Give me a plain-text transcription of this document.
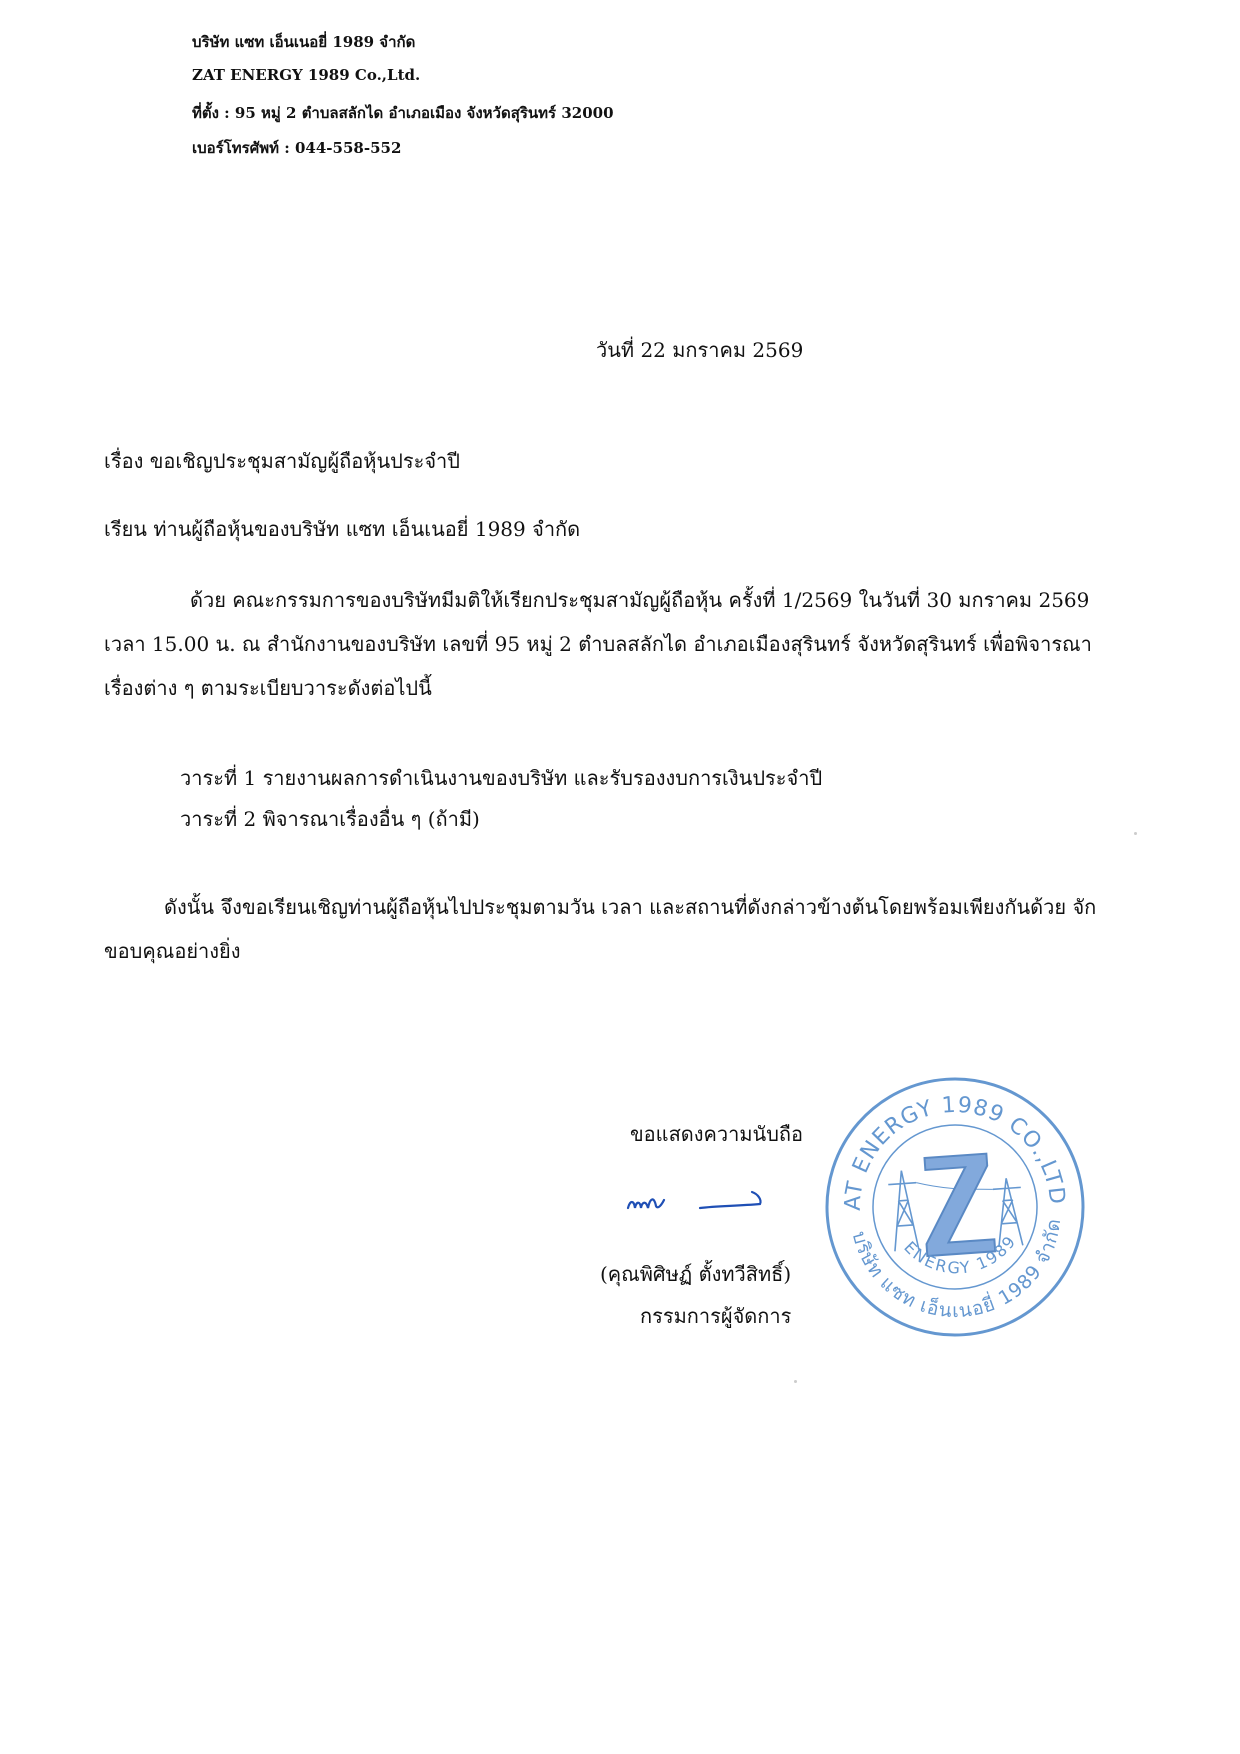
บริษัท แซท เอ็นเนอยี่ 1989 จำกัด
ZAT ENERGY 1989 Co.,Ltd.
ที่ตั้ง : 95 หมู่ 2 ตำบลสลักได อำเภอเมือง จังหวัดสุรินทร์ 32000
เบอร์โทรศัพท์ : 044-558-552
วันที่ 22 มกราคม 2569
เรื่อง ขอเชิญประชุมสามัญผู้ถือหุ้นประจำปี
เรียน ท่านผู้ถือหุ้นของบริษัท แซท เอ็นเนอยี่ 1989 จำกัด
ด้วย คณะกรรมการของบริษัทมีมติให้เรียกประชุมสามัญผู้ถือหุ้น ครั้งที่ 1/2569 ในวันที่ 30 มกราคม 2569 เวลา 15.00 น. ณ สำนักงานของบริษัท เลขที่ 95 หมู่ 2 ตำบลสลักได อำเภอเมืองสุรินทร์ จังหวัดสุรินทร์ เพื่อพิจารณาเรื่องต่าง ๆ ตามระเบียบวาระดังต่อไปนี้
วาระที่ 1 รายงานผลการดำเนินงานของบริษัท และรับรองงบการเงินประจำปี
วาระที่ 2 พิจารณาเรื่องอื่น ๆ (ถ้ามี)
ดังนั้น จึงขอเรียนเชิญท่านผู้ถือหุ้นไปประชุมตามวัน เวลา และสถานที่ดังกล่าวข้างต้นโดยพร้อมเพียงกันด้วย จักขอบคุณอย่างยิ่ง
ขอแสดงความนับถือ
(คุณพิศิษฏ์ ตั้งทวีสิทธิ์)
กรรมการผู้จัดการ
ZAT ENERGY 1989 CO.,LTD.
ENERGY 1989
บริษัท แซท เอ็นเนอยี่ 1989 จำกัด
